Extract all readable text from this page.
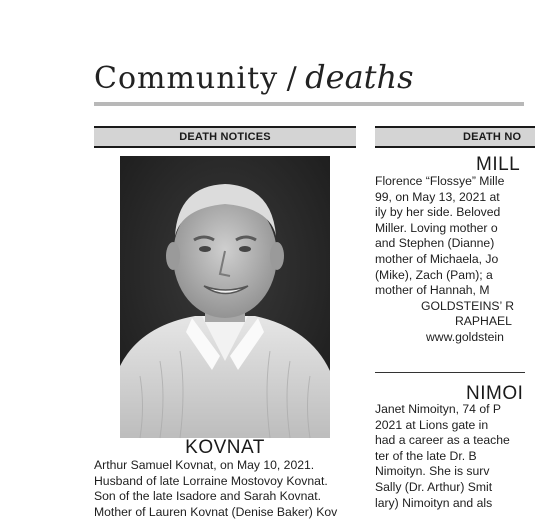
Community / deaths
DEATH NOTICES	DEATH NO
KOVNAT

Arthur Samuel Kovnat, on May 10, 2021.

Husband of late Lorraine Mostovoy Kovnat.

Son of the late Isadore and Sarah Kovnat.

Mother of Lauren Kovnat (Denise Baker) Kov

MILL

Florence “Flossye” Mille

99, on May 13, 2021 at

ily by her side. Beloved

Miller. Loving mother o

and Stephen (Dianne)

mother of Michaela, Jo

(Mike), Zach (Pam); a

mother of Hannah, M

GOLDSTEINS’ R

RAPHAEL

www.goldstein

NIMOI

Janet Nimoityn, 74 of P

2021 at Lions gate in

had a career as a teache

ter of the late Dr. B

Nimoityn. She is surv

Sally (Dr. Arthur) Smit

lary) Nimoityn and als
